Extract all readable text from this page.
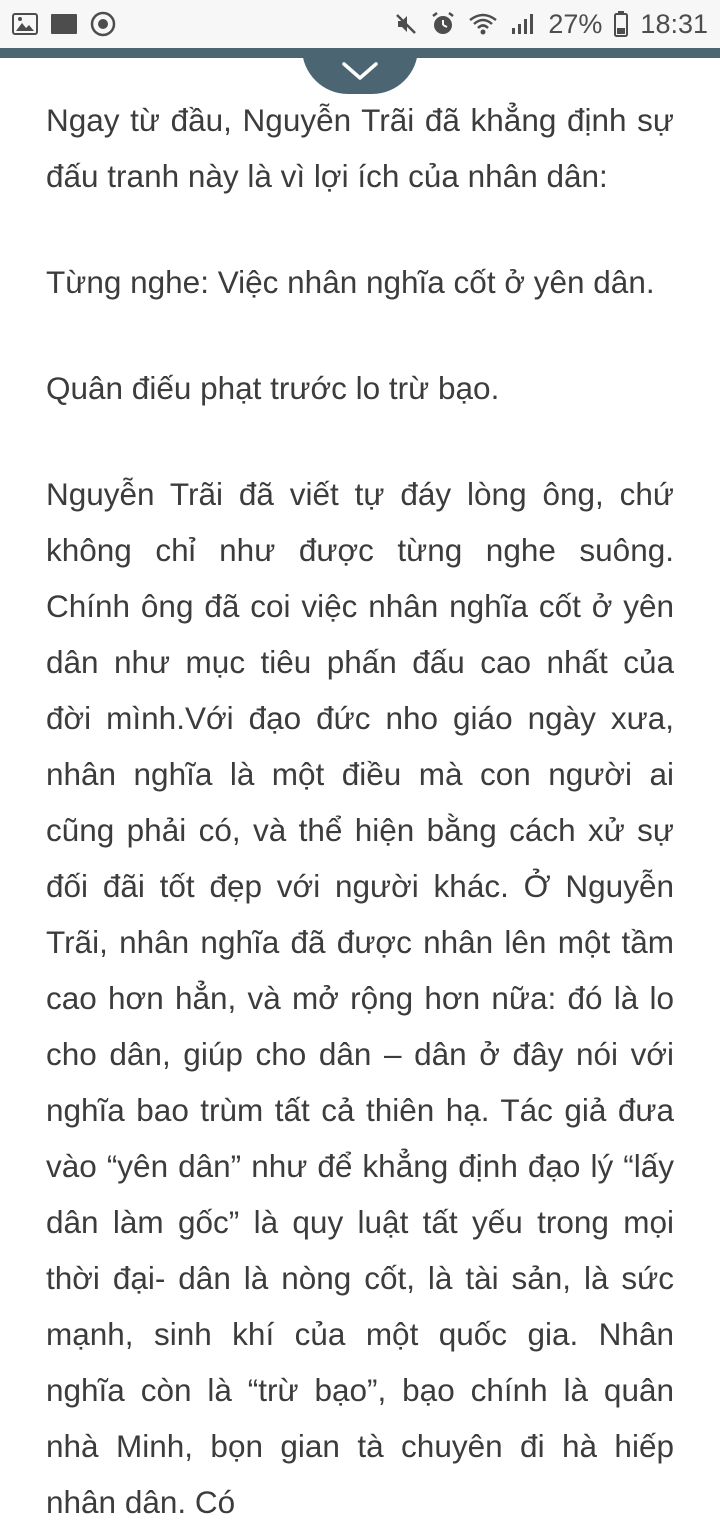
27% 18:31

Ngay từ đầu, Nguyễn Trãi đã khẳng định sự đấu tranh này là vì lợi ích của nhân dân:

Từng nghe: Việc nhân nghĩa cốt ở yên dân.

Quân điếu phạt trước lo trừ bạo.

Nguyễn Trãi đã viết tự đáy lòng ông, chứ không chỉ như được từng nghe suông. Chính ông đã coi việc nhân nghĩa cốt ở yên dân như mục tiêu phấn đấu cao nhất của đời mình.Với đạo đức nho giáo ngày xưa, nhân nghĩa là một điều mà con người ai cũng phải có, và thể hiện bằng cách xử sự đối đãi tốt đẹp với người khác. Ở Nguyễn Trãi, nhân nghĩa đã được nhân lên một tầm cao hơn hẳn, và mở rộng hơn nữa: đó là lo cho dân, giúp cho dân – dân ở đây nói với nghĩa bao trùm tất cả thiên hạ. Tác giả đưa vào “yên dân” như để khẳng định đạo lý “lấy dân làm gốc” là quy luật tất yếu trong mọi thời đại- dân là nòng cốt, là tài sản, là sức mạnh, sinh khí của một quốc gia. Nhân nghĩa còn là “trừ bạo”, bạo chính là quân nhà Minh, bọn gian tà chuyên đi hà hiếp nhân dân. Có
